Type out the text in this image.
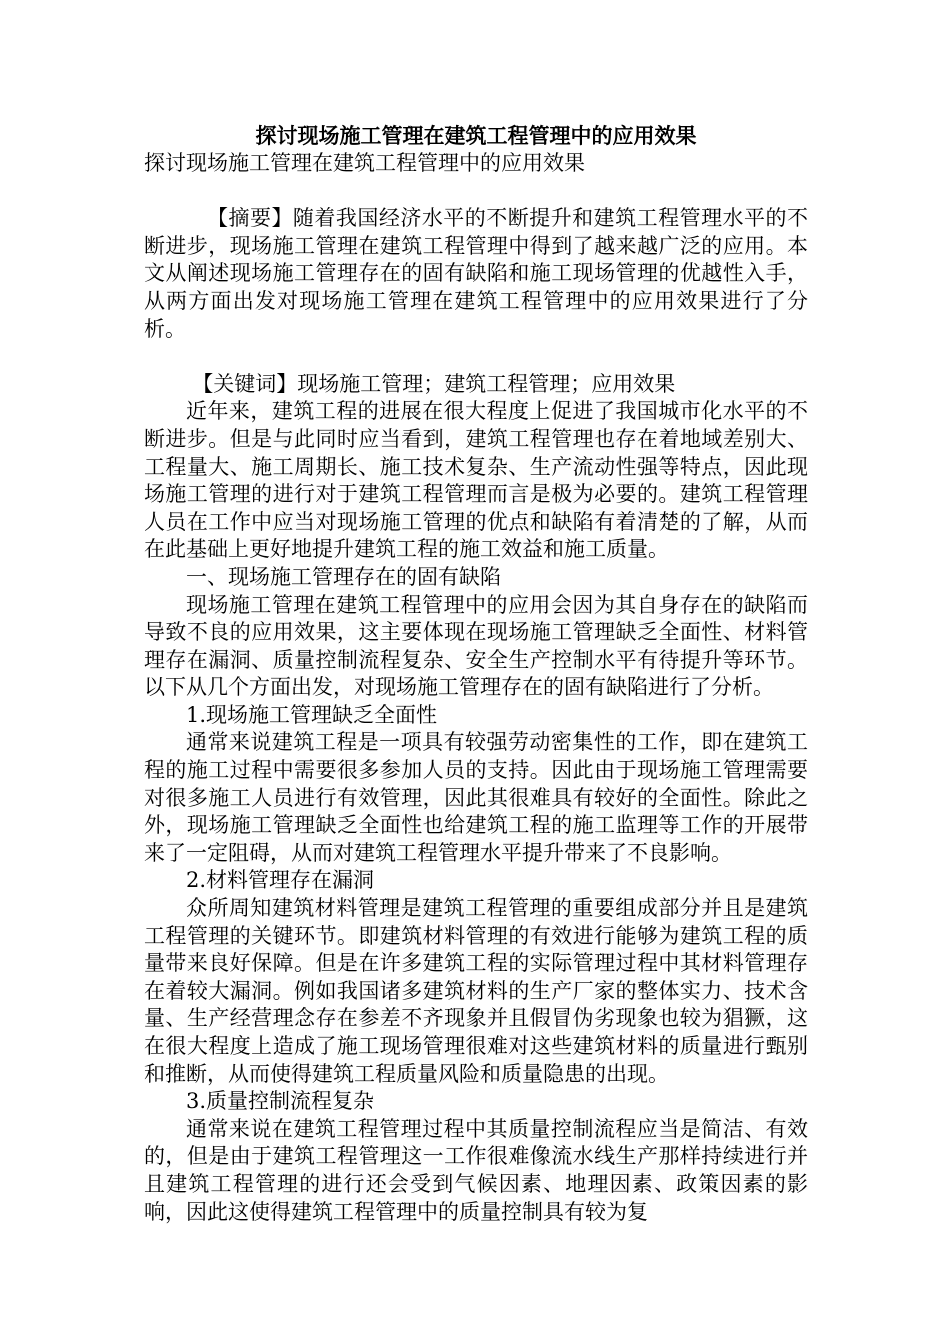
探讨现场施工管理在建筑工程管理中的应用效果
探讨现场施工管理在建筑工程管理中的应用效果

【摘要】随着我国经济水平的不断提升和建筑工程管理水平的不断进步，现场施工管理在建筑工程管理中得到了越来越广泛的应用。本文从阐述现场施工管理存在的固有缺陷和施工现场管理的优越性入手，从两方面出发对现场施工管理在建筑工程管理中的应用效果进行了分析。

【关键词】现场施工管理；建筑工程管理；应用效果

近年来，建筑工程的进展在很大程度上促进了我国城市化水平的不断进步。但是与此同时应当看到，建筑工程管理也存在着地域差别大、工程量大、施工周期长、施工技术复杂、生产流动性强等特点，因此现场施工管理的进行对于建筑工程管理而言是极为必要的。建筑工程管理人员在工作中应当对现场施工管理的优点和缺陷有着清楚的了解，从而在此基础上更好地提升建筑工程的施工效益和施工质量。

一、现场施工管理存在的固有缺陷

现场施工管理在建筑工程管理中的应用会因为其自身存在的缺陷而导致不良的应用效果，这主要体现在现场施工管理缺乏全面性、材料管理存在漏洞、质量控制流程复杂、安全生产控制水平有待提升等环节。以下从几个方面出发，对现场施工管理存在的固有缺陷进行了分析。

1.现场施工管理缺乏全面性

通常来说建筑工程是一项具有较强劳动密集性的工作，即在建筑工程的施工过程中需要很多参加人员的支持。因此由于现场施工管理需要对很多施工人员进行有效管理，因此其很难具有较好的全面性。除此之外，现场施工管理缺乏全面性也给建筑工程的施工监理等工作的开展带来了一定阻碍，从而对建筑工程管理水平提升带来了不良影响。

2.材料管理存在漏洞

众所周知建筑材料管理是建筑工程管理的重要组成部分并且是建筑工程管理的关键环节。即建筑材料管理的有效进行能够为建筑工程的质量带来良好保障。但是在许多建筑工程的实际管理过程中其材料管理存在着较大漏洞。例如我国诸多建筑材料的生产厂家的整体实力、技术含量、生产经营理念存在参差不齐现象并且假冒伪劣现象也较为猖獗，这在很大程度上造成了施工现场管理很难对这些建筑材料的质量进行甄别和推断，从而使得建筑工程质量风险和质量隐患的出现。

3.质量控制流程复杂

通常来说在建筑工程管理过程中其质量控制流程应当是简洁、有效的，但是由于建筑工程管理这一工作很难像流水线生产那样持续进行并且建筑工程管理的进行还会受到气候因素、地理因素、政策因素的影响，因此这使得建筑工程管理中的质量控制具有较为复
